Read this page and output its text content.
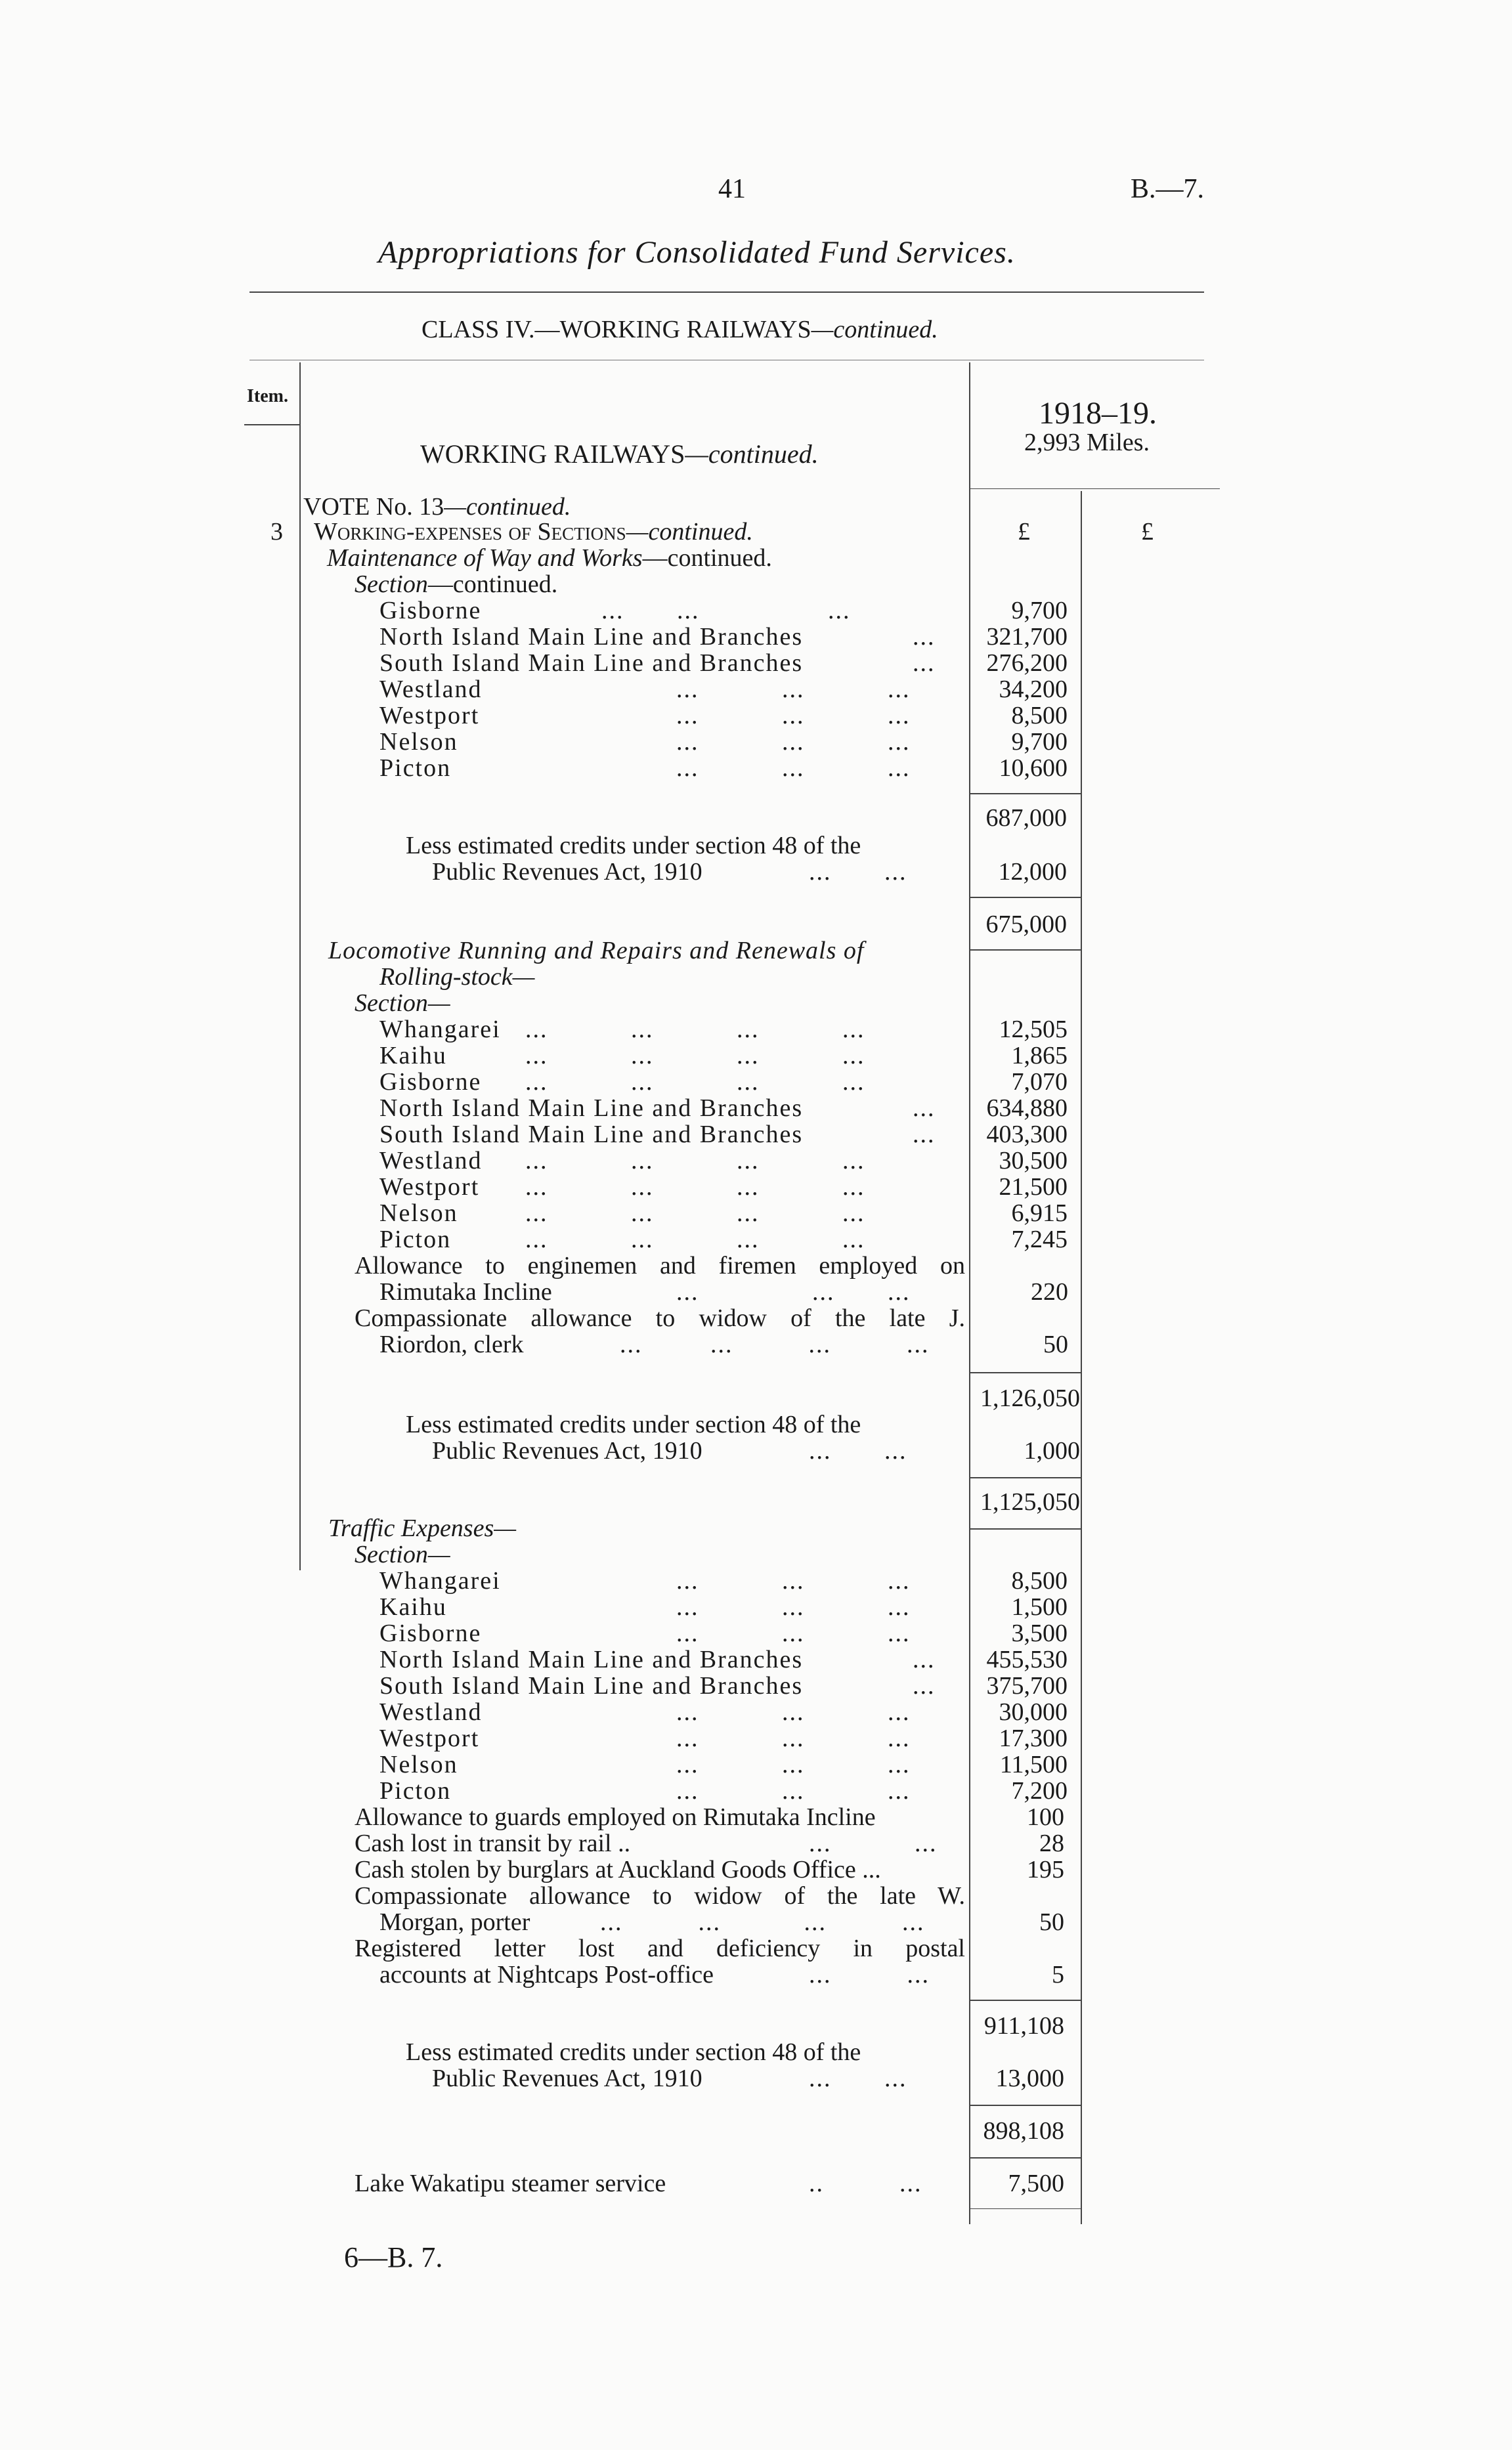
41	B.—7.
Appropriations for Consolidated Fund Services.
CLASS IV.—WORKING RAILWAYS—continued.
Item.
WORKING RAILWAYS—continued.
1918–19.
2,993 Miles.
£	£
3
VOTE No. 13—continued.
Working-expenses of Sections—continued.
Maintenance of Way and Works—continued.
Section—continued.
Gisborne	...       ...                 ...	9,700
North Island Main Line and Branches	... 321,700
South Island Main Line and Branches	... 276,200
Westland	...           ...           ...	34,200
Westport	...           ...           ...	8,500
Nelson	...           ...           ...	9,700
Picton	...           ...           ...	10,600
687,000
Less estimated credits under section 48 of the
Public Revenues Act, 1910	...       ...	12,000
675,000
Locomotive Running and Repairs and Renewals of
Rolling-stock—
Section—
Whangarei ...           ...           ...           ...	12,505
Kaihu	...           ...           ...           ...	1,865
Gisborne ...           ...           ...           ...	7,070
North Island Main Line and Branches	... 634,880
South Island Main Line and Branches	... 403,300
Westland ...           ...           ...           ...	30,500
Westport ...           ...           ...           ...	21,500
Nelson	...           ...           ...           ...	6,915
Picton	...           ...           ...           ...	7,245
Allowance to enginemen and firemen employed on
Rimutaka Incline	...               ...       ...	220
Compassionate allowance to widow of the late J.
Riordon, clerk	...         ...          ...          ...	50
1,126,050
Less estimated credits under section 48 of the
Public Revenues Act, 1910	...       ...	1,000
1,125,050
Traffic Expenses—
Section—
Whangarei	...           ...           ...	8,500
Kaihu	...           ...           ...	1,500
Gisborne	...           ...           ...	3,500
North Island Main Line and Branches	... 455,530
South Island Main Line and Branches	... 375,700
Westland	...           ...           ...	30,000
Westport	...           ...           ...	17,300
Nelson	...           ...           ...	11,500
Picton	...           ...           ...	7,200
Allowance to guards employed on Rimutaka Incline	100
Cash lost in transit by rail ..	...           ...	28
Cash stolen by burglars at Auckland Goods Office ...	195
Compassionate allowance to widow of the late W.
Morgan, porter	...          ...           ...          ...	50
Registered letter lost and deficiency in postal
accounts at Nightcaps Post-office	...          ...	5
911,108
Less estimated credits under section 48 of the
Public Revenues Act, 1910	...       ...	13,000
898,108
Lake Wakatipu steamer service	..          ...	7,500
6—B. 7.
